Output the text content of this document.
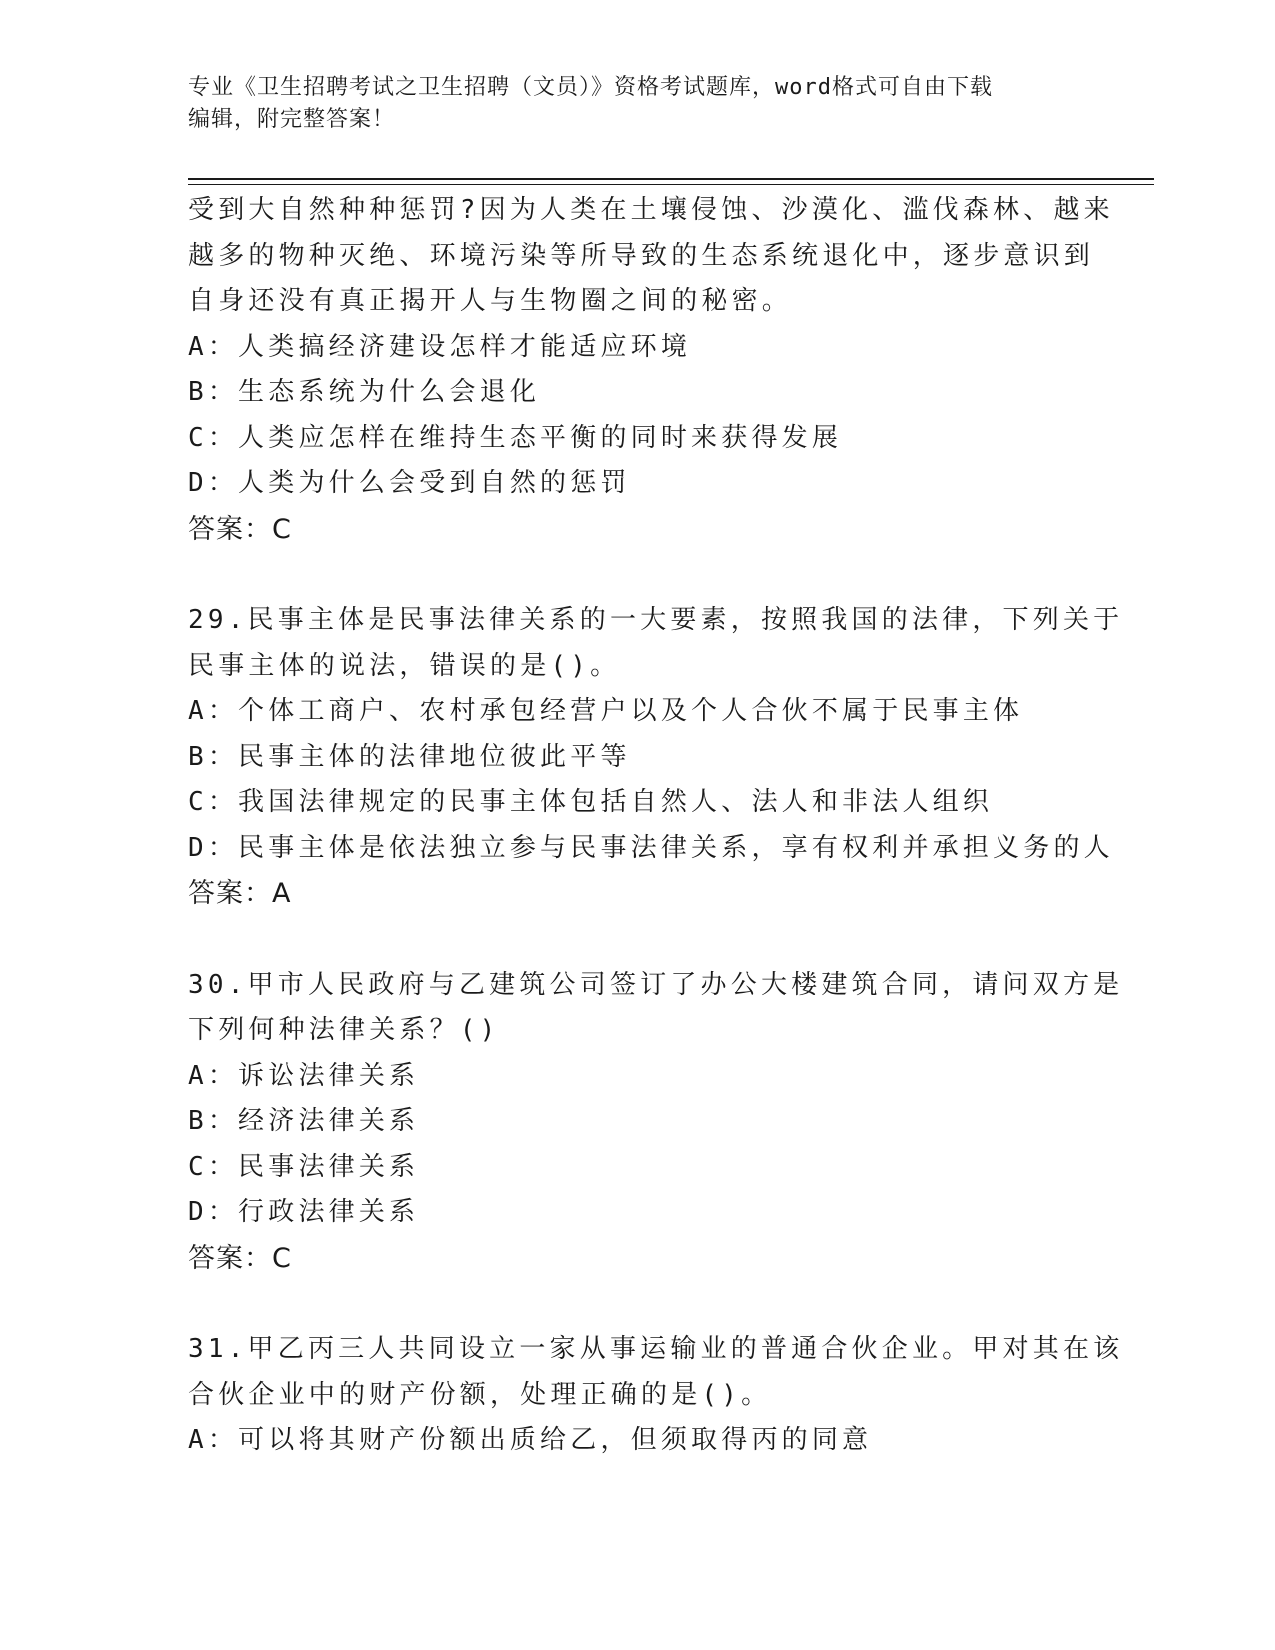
专业《卫生招聘考试之卫生招聘（文员）》资格考试题库，word格式可自由下载
编辑，附完整答案！
受到大自然种种惩罚?因为人类在土壤侵蚀、沙漠化、滥伐森林、越来
越多的物种灭绝、环境污染等所导致的生态系统退化中，逐步意识到
自身还没有真正揭开人与生物圈之间的秘密。
A：人类搞经济建设怎样才能适应环境
B：生态系统为什么会退化
C：人类应怎样在维持生态平衡的同时来获得发展
D：人类为什么会受到自然的惩罚
答案：C
29.民事主体是民事法律关系的一大要素，按照我国的法律，下列关于
民事主体的说法，错误的是()。
A：个体工商户、农村承包经营户以及个人合伙不属于民事主体
B：民事主体的法律地位彼此平等
C：我国法律规定的民事主体包括自然人、法人和非法人组织
D：民事主体是依法独立参与民事法律关系，享有权利并承担义务的人
答案：A
30.甲市人民政府与乙建筑公司签订了办公大楼建筑合同，请问双方是
下列何种法律关系？()
A：诉讼法律关系
B：经济法律关系
C：民事法律关系
D：行政法律关系
答案：C
31.甲乙丙三人共同设立一家从事运输业的普通合伙企业。甲对其在该
合伙企业中的财产份额，处理正确的是()。
A：可以将其财产份额出质给乙，但须取得丙的同意
